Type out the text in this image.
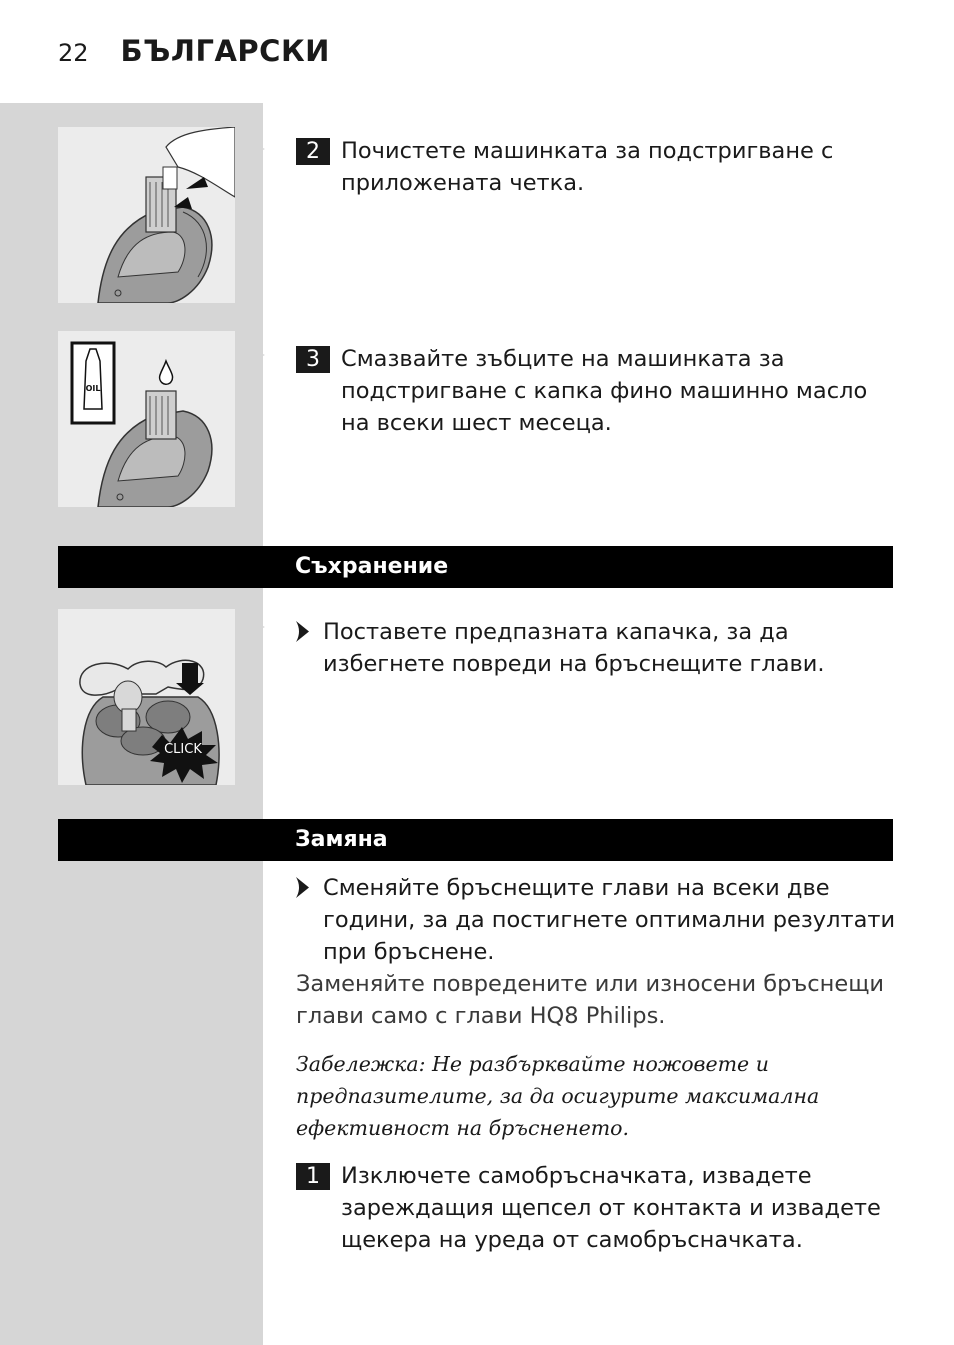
22 БЪЛГАРСКИ
2 Почистете машинката за подстригване с приложената четка.
OIL
3 Смазвайте зъбците на машинката за подстригване с капка фино машинно масло на всеки шест месеца.
Съхранение
CLICK
Поставете предпазната капачка, за да избегнете повреди на бръснещите глави.
Замяна
Сменяйте бръснещите глави на всеки две години, за да постигнете оптимални резултати при бръснене.
Заменяйте повредените или износени бръснещи глави само с глави HQ8 Philips.
Забележка: Не разбърквайте ножовете и предпазителите, за да осигурите максимална ефективност на бръсненето.
1 Изключете самобръсначката, извадете зареждащия щепсел от контакта и извадете щекера на уреда от самобръсначката.
